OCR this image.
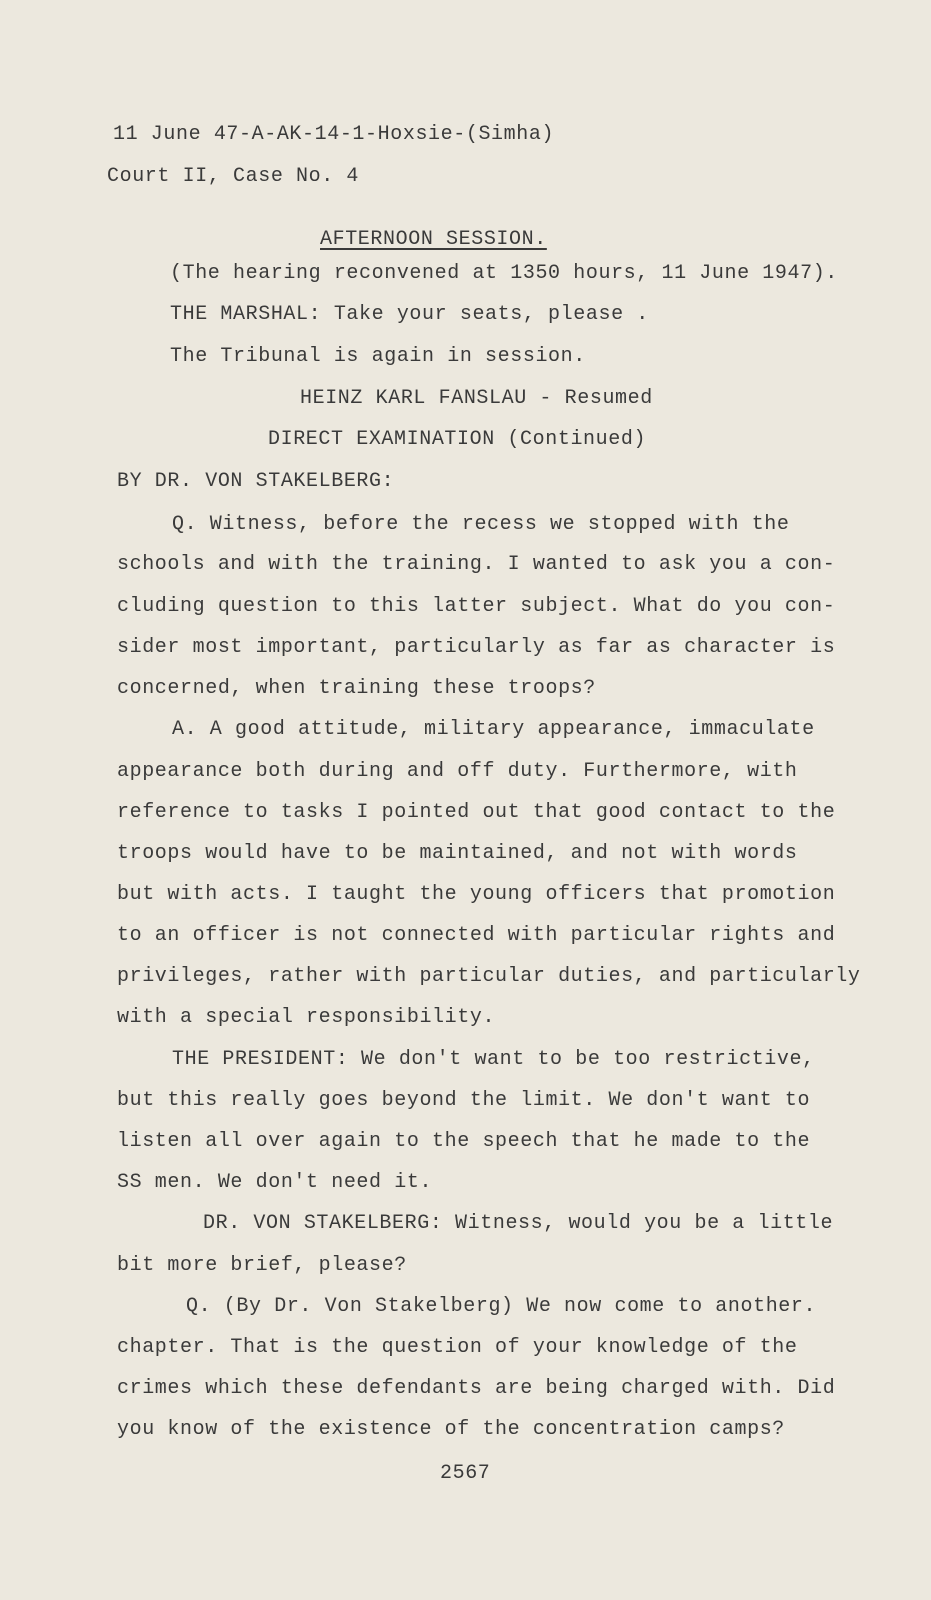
11 June 47-A-AK-14-1-Hoxsie-(Simha)
Court II, Case No. 4
AFTERNOON SESSION.
(The hearing reconvened at 1350 hours, 11 June 1947).
THE MARSHAL: Take your seats, please .
The Tribunal is again in session.
HEINZ KARL FANSLAU - Resumed
DIRECT EXAMINATION (Continued)
BY DR. VON STAKELBERG:
Q. Witness, before the recess we stopped with the
schools and with the training. I wanted to ask you a con-
cluding question to this latter subject. What do you con-
sider most important, particularly as far as character is
concerned, when training these troops?
A. A good attitude, military appearance, immaculate
appearance both during and off duty. Furthermore, with
reference to tasks I pointed out that good contact to the
troops would have to be maintained, and not with words
but with acts. I taught the young officers that promotion
to an officer is not connected with particular rights and
privileges, rather with particular duties, and particularly
with a special responsibility.
THE PRESIDENT: We don't want to be too restrictive,
but this really goes beyond the limit. We don't want to
listen all over again to the speech that he made to the
SS men. We don't need it.
DR. VON STAKELBERG: Witness, would you be a little
bit more brief, please?
Q. (By Dr. Von Stakelberg) We now come to another.
chapter. That is the question of your knowledge of the
crimes which these defendants are being charged with. Did
you know of the existence of the concentration camps?
2567
